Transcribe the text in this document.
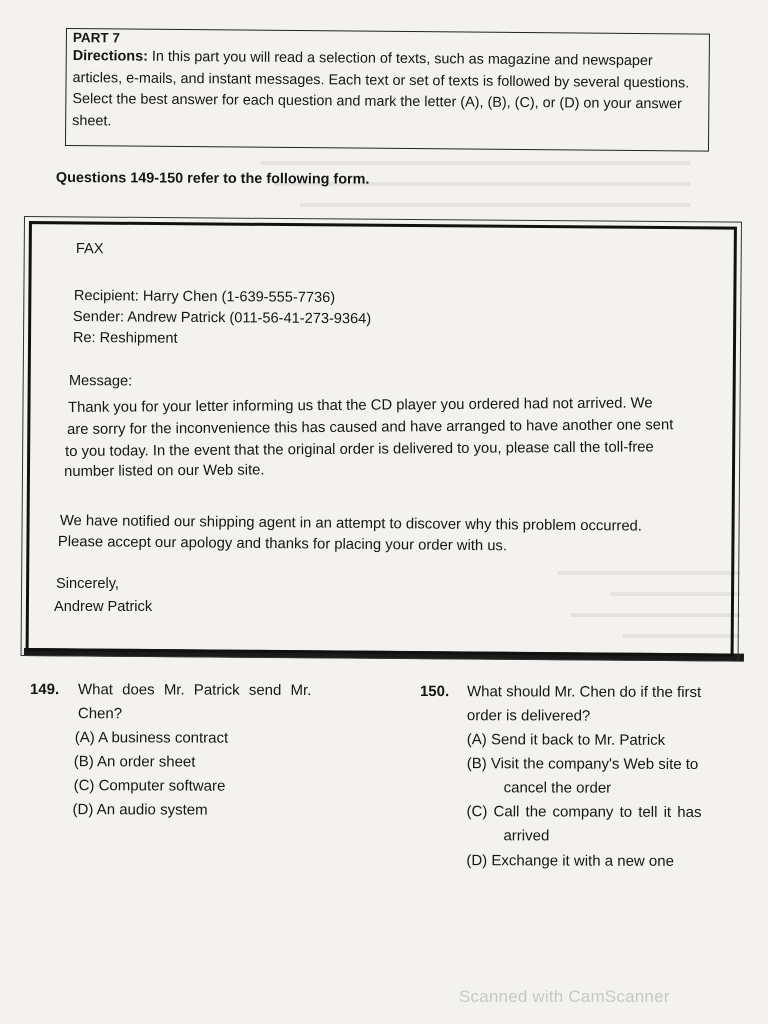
▬▬▬▬▬▬▬▬▬▬▬▬▬▬▬▬▬▬▬▬▬▬▬▬▬▬▬▬▬▬▬▬▬
▬▬▬▬▬▬▬▬▬▬▬▬▬▬▬▬▬▬▬▬▬▬▬▬▬▬▬▬▬▬▬▬
▬▬▬▬▬▬▬▬▬▬▬▬▬▬▬▬▬▬▬▬▬▬▬▬▬▬▬▬▬▬
▬▬▬▬▬▬▬▬▬▬▬▬▬▬
▬▬▬▬▬▬▬▬▬▬
▬▬▬▬▬▬▬▬▬▬▬▬▬
▬▬▬▬▬▬▬▬▬

PART 7
Directions: In this part you will read a selection of texts, such as magazine and newspaper
articles, e-mails, and instant messages. Each text or set of texts is followed by several questions.
Select the best answer for each question and mark the letter (A), (B), (C), or (D) on your answer
sheet.
Questions 149-150 refer to the following form.
FAX
Recipient: Harry Chen (1-639-555-7736)
Sender: Andrew Patrick (011-56-41-273-9364)
Re: Reshipment
Message:
Thank you for your letter informing us that the CD player you ordered had not arrived. We
are sorry for the inconvenience this has caused and have arranged to have another one sent
to you today. In the event that the original order is delivered to you, please call the toll-free
number listed on our Web site.
We have notified our shipping agent in an attempt to discover why this problem occurred.
Please accept our apology and thanks for placing your order with us.
Sincerely,
Andrew Patrick
149. What does Mr. Patrick send Mr.
Chen?
(A) A business contract
(B) An order sheet
(C) Computer software
(D) An audio system
150. What should Mr. Chen do if the first
order is delivered?
(A) Send it back to Mr. Patrick
(B) Visit the company's Web site to
cancel the order
(C) Call the company to tell it has
arrived
(D) Exchange it with a new one
Scanned with CamScanner
